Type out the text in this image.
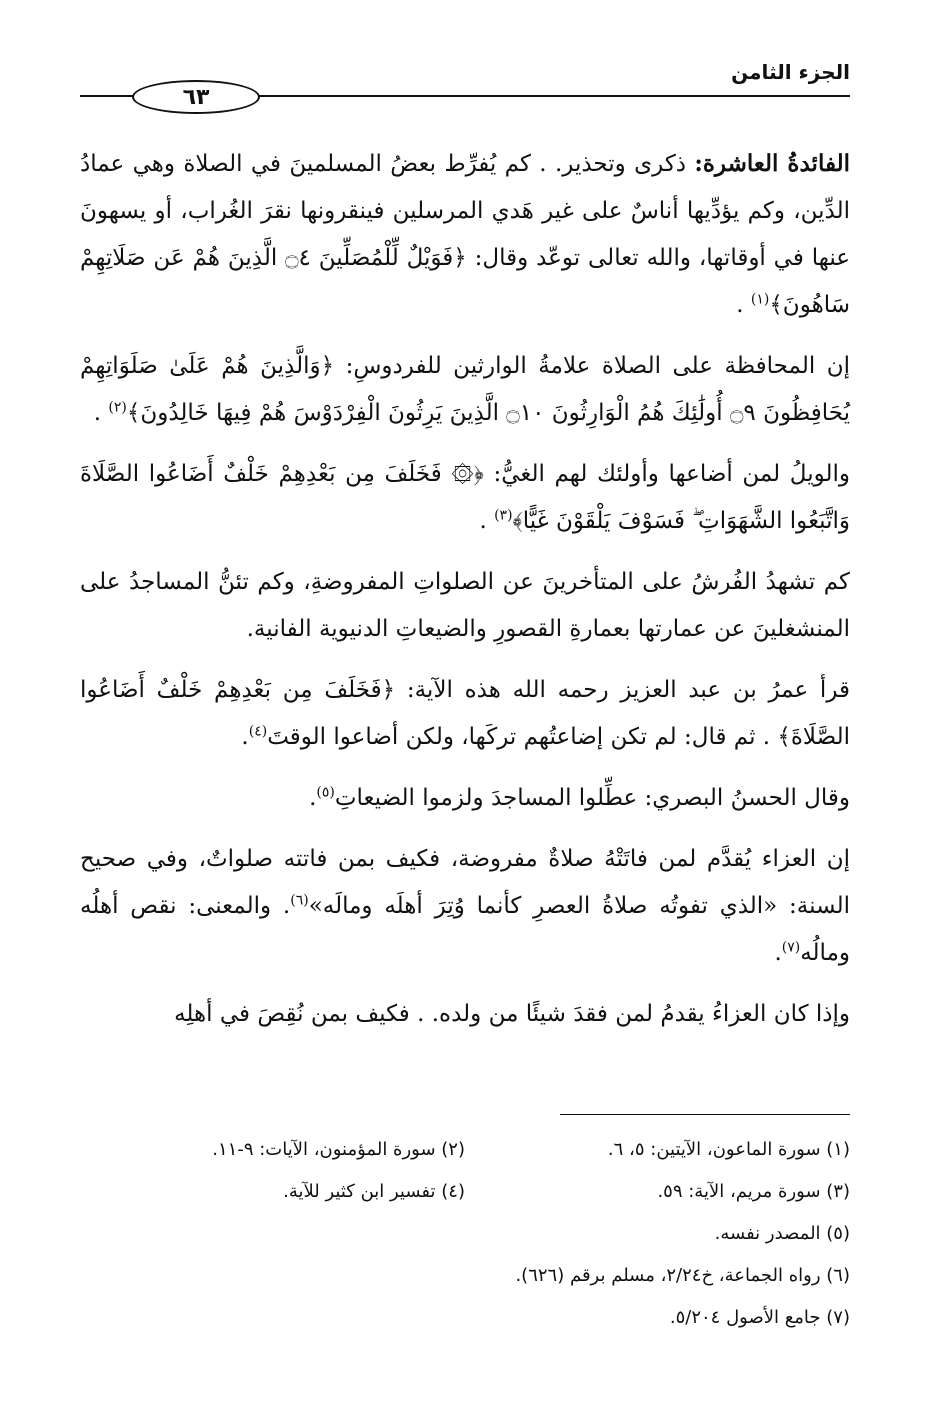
الجزء الثامن
٦٣

الفائدةُ العاشرة: ذكرى وتحذير. . كم يُفرِّط بعضُ المسلمينَ في الصلاة وهي عمادُ الدِّين، وكم يؤدِّيها أناسٌ على غير هَدي المرسلين فينقرونها نقرَ الغُراب، أو يسهونَ عنها في أوقاتها، والله تعالى توعّد وقال: ﴿فَوَيْلٌ لِّلْمُصَلِّينَ ۝٤ الَّذِينَ هُمْ عَن صَلَاتِهِمْ سَاهُونَ﴾$^{(١)}$ .

إن المحافظة على الصلاة علامةُ الوارثين للفردوسِ: ﴿وَالَّذِينَ هُمْ عَلَىٰ صَلَوَاتِهِمْ يُحَافِظُونَ ۝٩ أُولَٰئِكَ هُمُ الْوَارِثُونَ ۝١٠ الَّذِينَ يَرِثُونَ الْفِرْدَوْسَ هُمْ فِيهَا خَالِدُونَ﴾$^{(٢)}$ .

والويلُ لمن أضاعها وأولئك لهم الغيُّ: ﴿۞ فَخَلَفَ مِن بَعْدِهِمْ خَلْفٌ أَضَاعُوا الصَّلَاةَ وَاتَّبَعُوا الشَّهَوَاتِ ۖ فَسَوْفَ يَلْقَوْنَ غَيًّا﴾$^{(٣)}$ .

كم تشهدُ الفُرشُ على المتأخرينَ عن الصلواتِ المفروضةِ، وكم تئنُّ المساجدُ على المنشغلينَ عن عمارتها بعمارةِ القصورِ والضيعاتِ الدنيوية الفانية.

قرأ عمرُ بن عبد العزيز رحمه الله هذه الآية: ﴿فَخَلَفَ مِن بَعْدِهِمْ خَلْفٌ أَضَاعُوا الصَّلَاةَ﴾ . ثم قال: لم تكن إضاعتُهم تركَها، ولكن أضاعوا الوقتَ$^{(٤)}$.

وقال الحسنُ البصري: عطِّلوا المساجدَ ولزموا الضيعاتِ$^{(٥)}$.

إن العزاء يُقدَّم لمن فاتَتْهُ صلاةٌ مفروضة، فكيف بمن فاتته صلواتٌ، وفي صحيح السنة: «الذي تفوتُه صلاةُ العصرِ كأنما وُتِرَ أهلَه ومالَه»$^{(٦)}$. والمعنى: نقص أهلُه ومالُه$^{(٧)}$.

وإذا كان العزاءُ يقدمُ لمن فقدَ شيئًا من ولده. . فكيف بمن نُقِصَ في أهلِه

(١) سورة الماعون، الآيتين: ٥، ٦.
(٢) سورة المؤمنون، الآيات: ٩-١١.
(٣) سورة مريم، الآية: ٥٩.
(٤) تفسير ابن كثير للآية.
(٥) المصدر نفسه.
(٦) رواه الجماعة، خ٢/٢٤، مسلم برقم (٦٢٦).
(٧) جامع الأصول ٥/٢٠٤.
